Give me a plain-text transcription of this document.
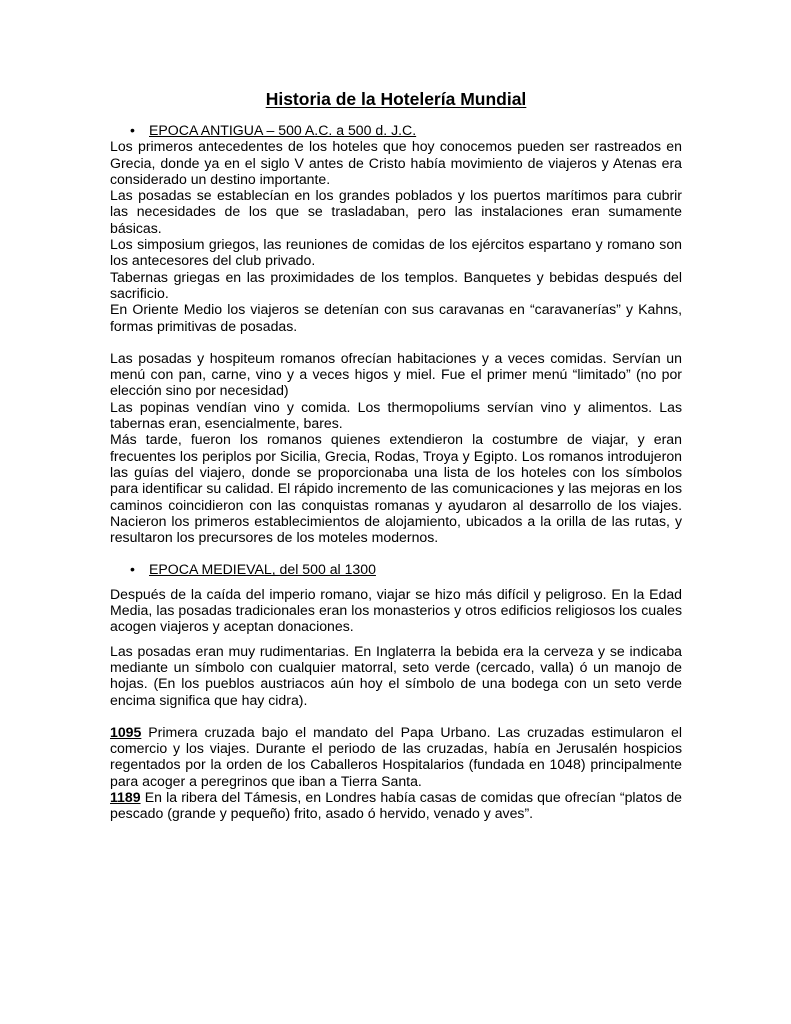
Historia de la Hotelería Mundial
• EPOCA ANTIGUA – 500 A.C. a 500 d. J.C.

Los primeros antecedentes de los hoteles que hoy conocemos pueden ser rastreados en Grecia, donde ya en el siglo V antes de Cristo había movimiento de viajeros y Atenas era considerado un destino importante.

Las posadas se establecían en los grandes poblados y los puertos marítimos para cubrir las necesidades de los que se trasladaban, pero las instalaciones eran sumamente básicas.

Los simposium griegos, las reuniones de comidas de los ejércitos espartano y romano son los antecesores del club privado.

Tabernas griegas en las proximidades de los templos. Banquetes y bebidas después del sacrificio.

En Oriente Medio los viajeros se detenían con sus caravanas en “caravanerías” y Kahns, formas primitivas de posadas.

Las posadas y hospiteum romanos ofrecían habitaciones y a veces comidas. Servían un menú con pan, carne, vino y a veces higos y miel. Fue el primer menú “limitado” (no por elección sino por necesidad)

Las popinas vendían vino y comida. Los thermopoliums servían vino y alimentos. Las tabernas eran, esencialmente, bares.

Más tarde, fueron los romanos quienes extendieron la costumbre de viajar, y eran frecuentes los periplos por Sicilia, Grecia, Rodas, Troya y Egipto. Los romanos introdujeron las guías del viajero, donde se proporcionaba una lista de los hoteles con los símbolos para identificar su calidad. El rápido incremento de las comunicaciones y las mejoras en los caminos coincidieron con las conquistas romanas y ayudaron al desarrollo de los viajes. Nacieron los primeros establecimientos de alojamiento, ubicados a la orilla de las rutas, y resultaron los precursores de los moteles modernos.

• EPOCA MEDIEVAL, del 500 al 1300

Después de la caída del imperio romano, viajar se hizo más difícil y peligroso. En la Edad Media, las posadas tradicionales eran los monasterios y otros edificios religiosos los cuales acogen viajeros y aceptan donaciones.

Las posadas eran muy rudimentarias. En Inglaterra la bebida era la cerveza y se indicaba mediante un símbolo con cualquier matorral, seto verde (cercado, valla) ó un manojo de hojas. (En los pueblos austriacos aún hoy el símbolo de una bodega con un seto verde encima significa que hay cidra).

1095 Primera cruzada bajo el mandato del Papa Urbano. Las cruzadas estimularon el comercio y los viajes. Durante el periodo de las cruzadas, había en Jerusalén hospicios regentados por la orden de los Caballeros Hospitalarios (fundada en 1048) principalmente para acoger a peregrinos que iban a Tierra Santa.

1189 En la ribera del Támesis, en Londres había casas de comidas que ofrecían “platos de pescado (grande y pequeño) frito, asado ó hervido, venado y aves”.
